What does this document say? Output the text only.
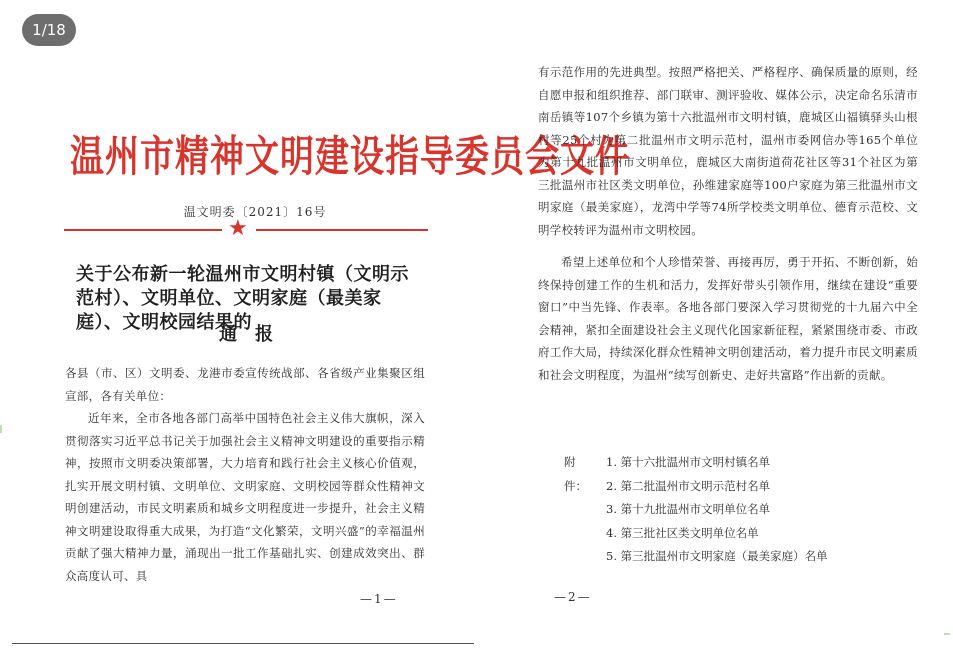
1/18
温州市精神文明建设指导委员会文件
温文明委〔2021〕16号
★
关于公布新一轮温州市文明村镇（文明示范村）、文明单位、文明家庭（最美家庭）、文明校园结果的
通报

各县（市、区）文明委、龙港市委宣传统战部、各省级产业集聚区组宣部，各有关单位：

近年来，全市各地各部门高举中国特色社会主义伟大旗帜，深入贯彻落实习近平总书记关于加强社会主义精神文明建设的重要指示精神，按照市文明委决策部署，大力培育和践行社会主义核心价值观，扎实开展文明村镇、文明单位、文明家庭、文明校园等群众性精神文明创建活动，市民文明素质和城乡文明程度进一步提升，社会主义精神文明建设取得重大成果，为打造“文化繁荣，文明兴盛”的幸福温州贡献了强大精神力量，涌现出一批工作基础扎实、创建成效突出、群众高度认可、具

—1—

有示范作用的先进典型。按照严格把关、严格程序、确保质量的原则，经自愿申报和组织推荐、部门联审、测评验收、媒体公示，决定命名乐清市南岳镇等107个乡镇为第十六批温州市文明村镇，鹿城区山福镇驿头山根村等25个村为第二批温州市文明示范村，温州市委网信办等165个单位为第十九批温州市文明单位，鹿城区大南街道荷花社区等31个社区为第三批温州市社区类文明单位，孙维建家庭等100户家庭为第三批温州市文明家庭（最美家庭），龙湾中学等74所学校类文明单位、德育示范校、文明学校转评为温州市文明校园。

希望上述单位和个人珍惜荣誉、再接再厉，勇于开拓、不断创新，始终保持创建工作的生机和活力，发挥好带头引领作用，继续在建设“重要窗口”中当先锋、作表率。各地各部门要深入学习贯彻党的十九届六中全会精神，紧扣全面建设社会主义现代化国家新征程，紧紧围绕市委、市政府工作大局，持续深化群众性精神文明创建活动，着力提升市民文明素质和社会文明程度，为温州“续写创新史、走好共富路”作出新的贡献。

附件：
1. 第十六批温州市文明村镇名单
2. 第二批温州市文明示范村名单
3. 第十九批温州市文明单位名单
4. 第三批社区类文明单位名单
5. 第三批温州市文明家庭（最美家庭）名单
—2—
